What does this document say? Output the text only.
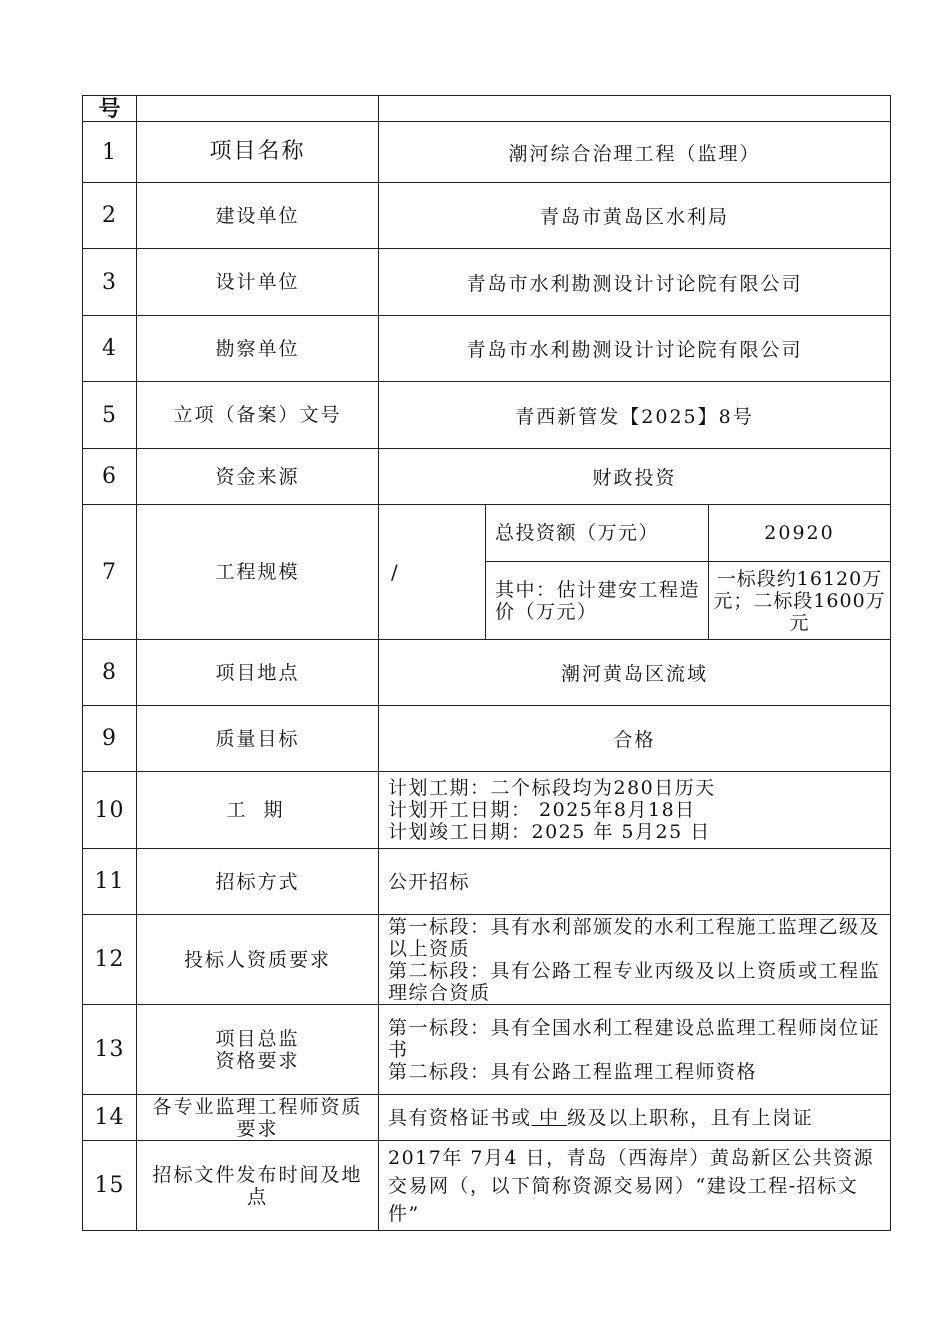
号				
1	项目名称	潮河综合治理工程（监理）		
2	建设单位	青岛市黄岛区水利局		
3	设计单位	青岛市水利勘测设计讨论院有限公司		
4	勘察单位	青岛市水利勘测设计讨论院有限公司		
5	立项（备案）文号	青西新管发【2025】8号		
6	资金来源	财政投资		
7	工程规模	/	总投资额（万元）	20920
			其中：估计建安工程造价（万元）	一标段约16120万元；二标段1600万元
8	项目地点	潮河黄岛区流域		
9	质量目标	合格		
10	工 期	计划工期：二个标段均为280日历天
计划开工日期： 2025年8月18日
计划竣工日期：2025 年 5月25 日		

11	招标方式	公开招标		
12	投标人资质要求	第一标段：具有水利部颁发的水利工程施工监理乙级及以上资质
第二标段：具有公路工程专业丙级及以上资质或工程监理综合资质		

13	项目总监
资格要求	第一标段：具有全国水利工程建设总监理工程师岗位证书
第二标段：具有公路工程监理工程师资格		

14	各专业监理工程师资质要求	具有资格证书或 中 级及以上职称，且有上岗证		
15	招标文件发布时间及地点	2017年 7月4 日，青岛（西海岸）黄岛新区公共资源交易网（，以下简称资源交易网）“建设工程-招标文件”		
